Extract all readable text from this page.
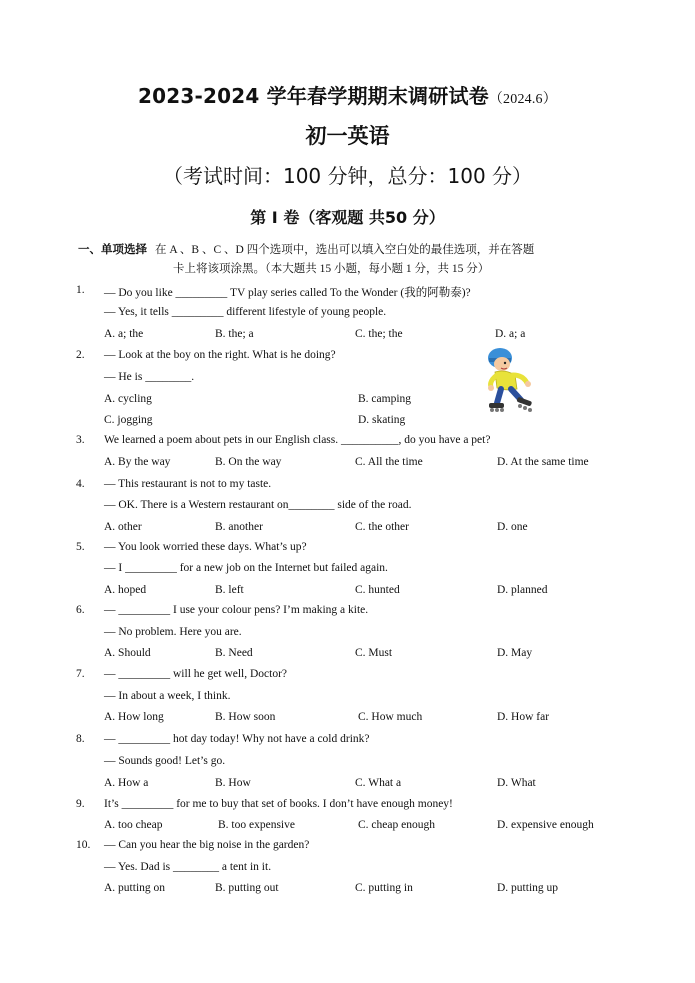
2023-2024 学年春学期期末调研试卷（2024.6）
初一英语
（考试时间：100 分钟，总分：100 分）
第 Ⅰ 卷（客观题 共50 分）
一、单项选择 在 A 、B 、C 、D 四个选项中，选出可以填入空白处的最佳选项，并在答题
卡上将该项涂黑。（本大题共 15 小题，每小题 1 分，共 15 分）
1. — Do you like _________ TV play series called To the Wonder (我的阿勒泰)?
— Yes, it tells _________ different lifestyle of young people.
A. a; the	B. the; a	C. the; the	D. a; a
2. — Look at the boy on the right. What is he doing?
— He is ________.
A. cycling	B. camping
C. jogging	D. skating
3. We learned a poem about pets in our English class. __________, do you have a pet?
A. By the way	B. On the way	C. All the time	D. At the same time
4. — This restaurant is not to my taste.
— OK. There is a Western restaurant on________ side of the road.
A. other	B. another	C. the other	D. one
5. — You look worried these days. What’s up?
— I _________ for a new job on the Internet but failed again.
A. hoped	B. left	C. hunted	D. planned
6. — _________ I use your colour pens? I’m making a kite.
— No problem. Here you are.
A. Should	B. Need	C. Must	D. May
7. — _________ will he get well, Doctor?
— In about a week, I think.
A. How long	B. How soon	C. How much	D. How far
8. — _________ hot day today! Why not have a cold drink?
— Sounds good! Let’s go.
A. How a	B. How	C. What a	D. What
9. It’s _________ for me to buy that set of books. I don’t have enough money!
A. too cheap	B. too expensive	C. cheap enough	D. expensive enough
10. — Can you hear the big noise in the garden?
— Yes. Dad is ________ a tent in it.
A. putting on	B. putting out	C. putting in	D. putting up
